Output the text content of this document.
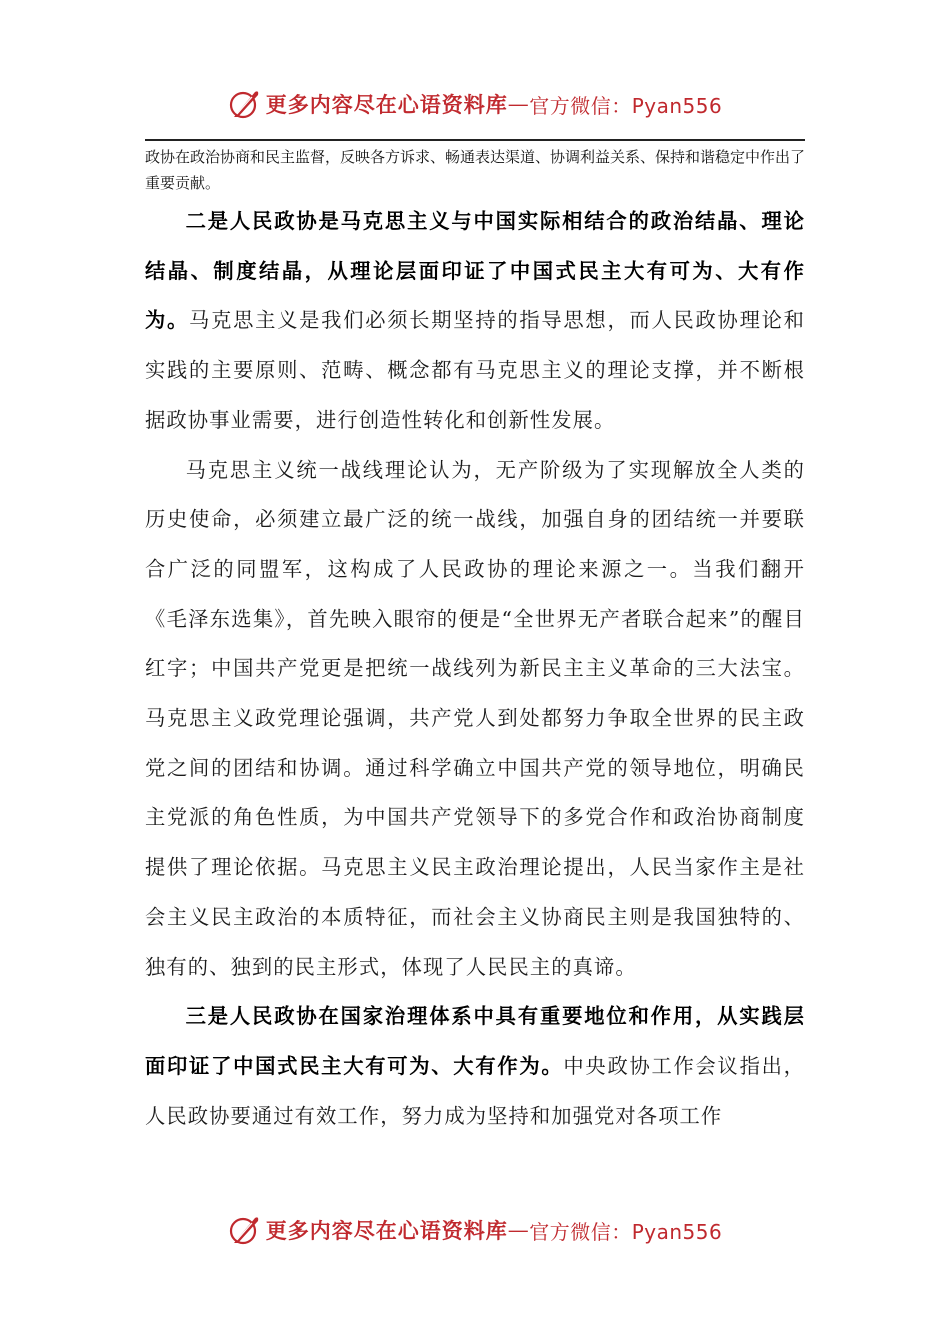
更多内容尽在心语资料库 — 官方微信：Pyan556
政协在政治协商和民主监督，反映各方诉求、畅通表达渠道、协调利益关系、保持和谐稳定中作出了重要贡献。

二是人民政协是马克思主义与中国实际相结合的政治结晶、理论结晶、制度结晶，从理论层面印证了中国式民主大有可为、大有作为。马克思主义是我们必须长期坚持的指导思想，而人民政协理论和实践的主要原则、范畴、概念都有马克思主义的理论支撑，并不断根据政协事业需要，进行创造性转化和创新性发展。

马克思主义统一战线理论认为，无产阶级为了实现解放全人类的历史使命，必须建立最广泛的统一战线，加强自身的团结统一并要联合广泛的同盟军，这构成了人民政协的理论来源之一。当我们翻开《毛泽东选集》，首先映入眼帘的便是“全世界无产者联合起来”的醒目红字；中国共产党更是把统一战线列为新民主主义革命的三大法宝。马克思主义政党理论强调，共产党人到处都努力争取全世界的民主政党之间的团结和协调。通过科学确立中国共产党的领导地位，明确民主党派的角色性质，为中国共产党领导下的多党合作和政治协商制度提供了理论依据。马克思主义民主政治理论提出，人民当家作主是社会主义民主政治的本质特征，而社会主义协商民主则是我国独特的、独有的、独到的民主形式，体现了人民民主的真谛。

三是人民政协在国家治理体系中具有重要地位和作用，从实践层面印证了中国式民主大有可为、大有作为。中央政协工作会议指出，人民政协要通过有效工作，努力成为坚持和加强党对各项工作

更多内容尽在心语资料库 — 官方微信：Pyan556
